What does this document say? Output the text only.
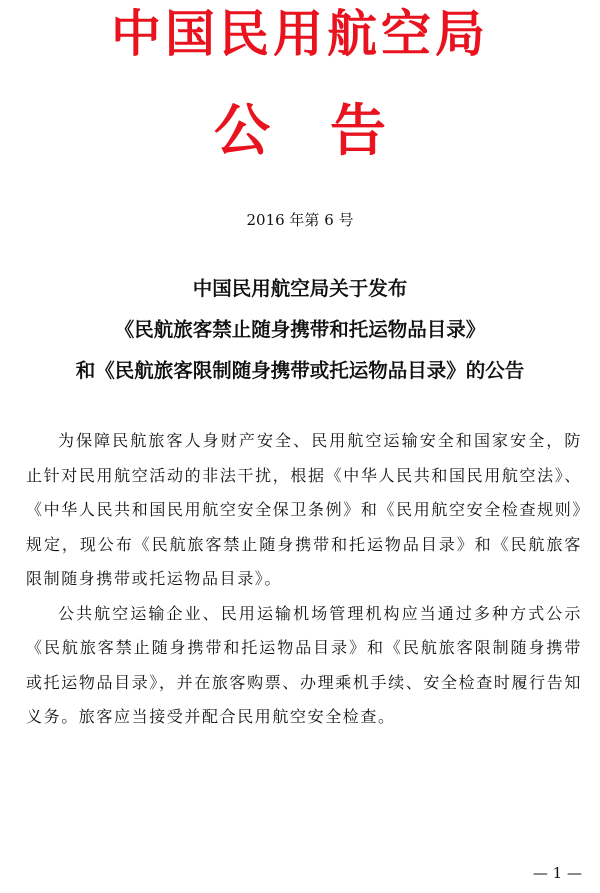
中国民用航空局
公告
2016 年第 6 号
中国民用航空局关于发布
《民航旅客禁止随身携带和托运物品目录》
和《民航旅客限制随身携带或托运物品目录》的公告

为保障民航旅客人身财产安全、民用航空运输安全和国家安全，防止针对民用航空活动的非法干扰，根据《中华人民共和国民用航空法》、《中华人民共和国民用航空安全保卫条例》和《民用航空安全检查规则》规定，现公布《民航旅客禁止随身携带和托运物品目录》和《民航旅客限制随身携带或托运物品目录》。

公共航空运输企业、民用运输机场管理机构应当通过多种方式公示《民航旅客禁止随身携带和托运物品目录》和《民航旅客限制随身携带或托运物品目录》，并在旅客购票、办理乘机手续、安全检查时履行告知义务。旅客应当接受并配合民用航空安全检查。

— 1 —
